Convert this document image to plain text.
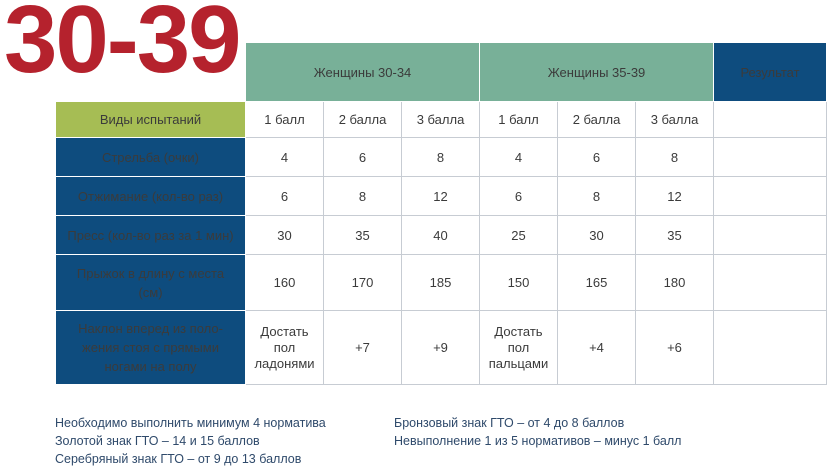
30-39
		Женщины 30-34			Женщины 35-39			Результат
Виды испытаний	1 балл	2 балла	3 балла	1 балл	2 балла	3 балла	
Стрельба (очки)	4	6	8	4	6	8	
Отжимание (кол-во раз)	6	8	12	6	8	12	
Пресс (кол-во раз за 1 мин)	30	35	40	25	30	35	
Прыжок в длину с места
(см)	160	170	185	150	165	180	
Наклон вперед из поло-
жения стоя с прямыми
ногами на полу	Достать
пол
ладонями	+7	+9	Достать
пол
пальцами	+4	+6	
Необходимо выполнить минимум 4 норматива
Золотой знак ГТО – 14 и 15 баллов
Серебряный знак ГТО – от 9 до 13 баллов
Бронзовый знак ГТО – от 4 до 8 баллов
Невыполнение 1 из 5 нормативов – минус 1 балл
